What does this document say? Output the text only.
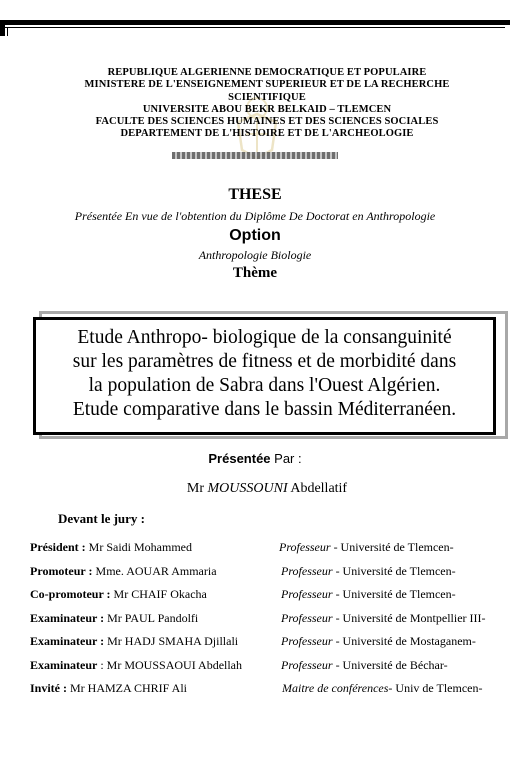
REPUBLIQUE ALGERIENNE DEMOCRATIQUE ET POPULAIRE
MINISTERE DE L'ENSEIGNEMENT SUPERIEUR ET DE LA RECHERCHE
SCIENTIFIQUE
UNIVERSITE ABOU BEKR BELKAID – TLEMCEN
FACULTE DES SCIENCES HUMAINES ET DES SCIENCES SOCIALES
DEPARTEMENT DE L'HISTOIRE ET DE L'ARCHEOLOGIE
THESE
Présentée En vue de l'obtention du Diplôme De Doctorat en Anthropologie
Option
Anthropologie Biologie
Thème
Etude Anthropo- biologique de la consanguinité
sur les paramètres de fitness et de morbidité dans
la population de Sabra dans l'Ouest Algérien.
Etude comparative dans le bassin Méditerranéen.
Présentée Par :
Mr MOUSSOUNI Abdellatif
Devant le jury :
Président : Mr Saidi Mohammed	Professeur - Université de Tlemcen-
Promoteur : Mme. AOUAR Ammaria	Professeur - Université de Tlemcen-
Co-promoteur : Mr CHAIF Okacha	Professeur - Université de Tlemcen-
Examinateur : Mr PAUL Pandolfi	Professeur - Université de Montpellier III-
Examinateur : Mr HADJ SMAHA Djillali	Professeur - Université de Mostaganem-
Examinateur : Mr MOUSSAOUI Abdellah	Professeur - Université de Béchar-
Invité : Mr HAMZA CHRIF Ali	Maitre de conférences- Univ de Tlemcen-
